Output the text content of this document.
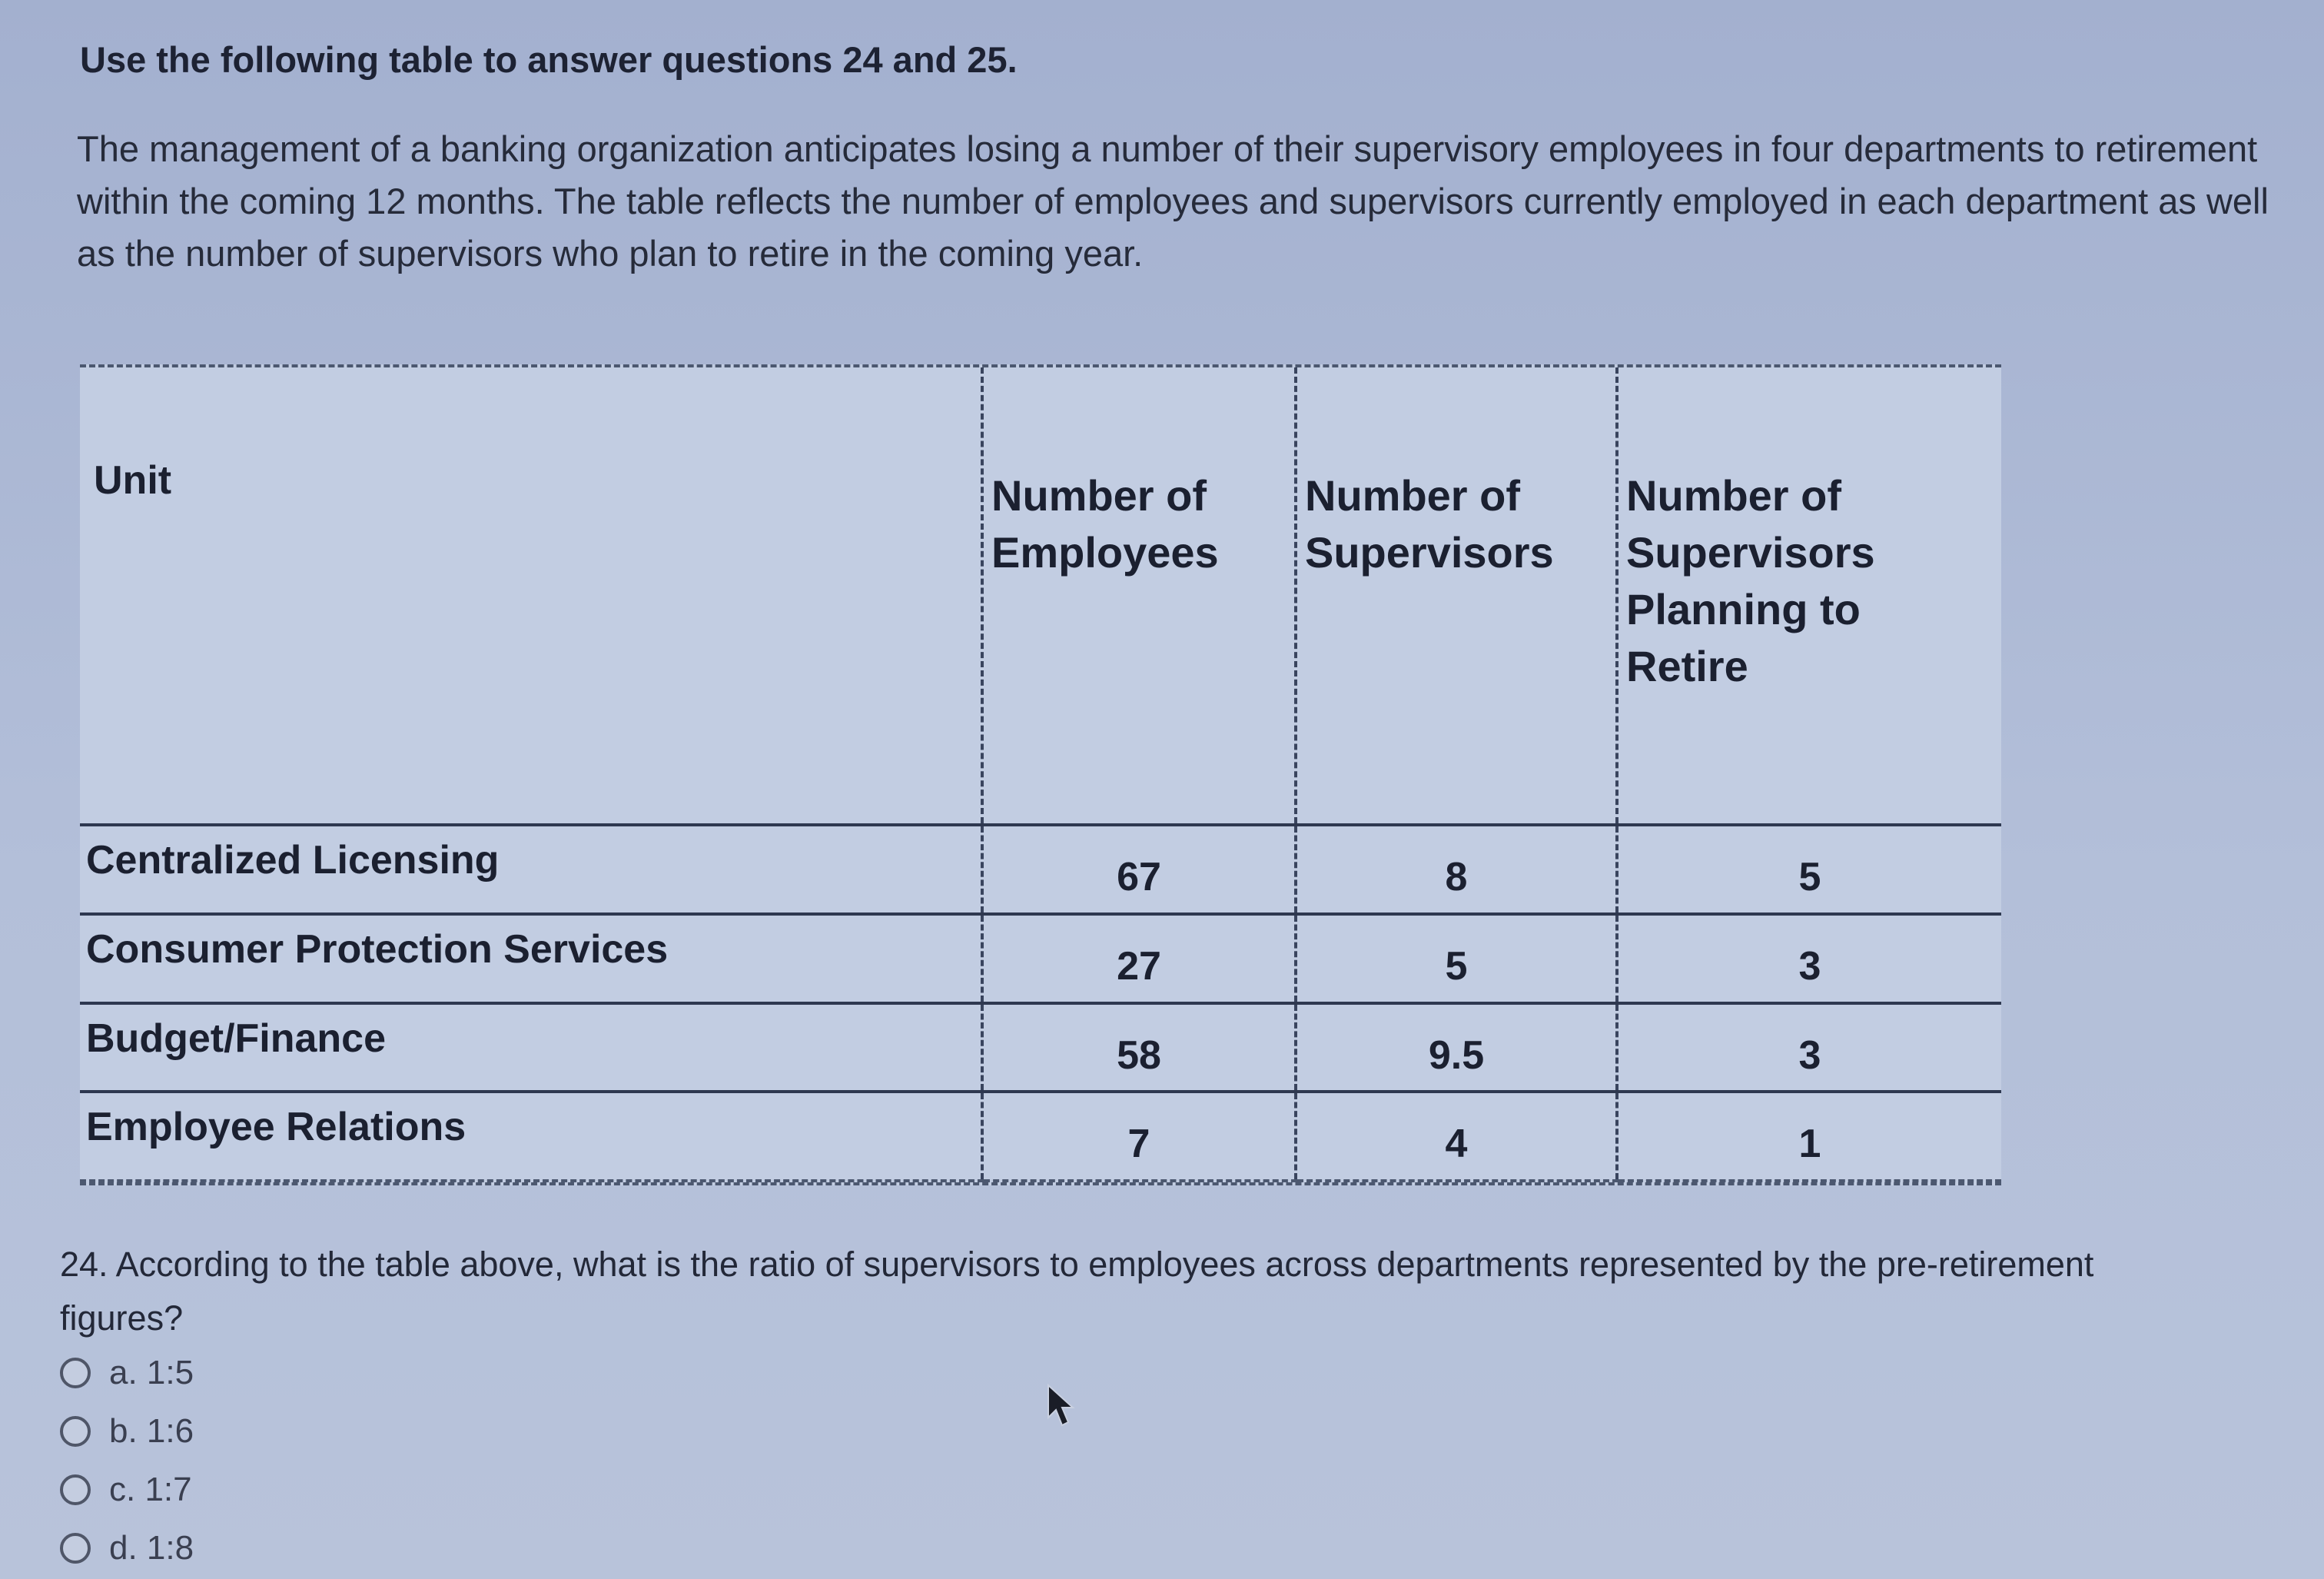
Use the following table to answer questions 24 and 25.
The management of a banking organization anticipates losing a number of their supervisory employees in four departments to retirement within the coming 12 months. The table reflects the number of employees and supervisors currently employed in each department as well as the number of supervisors who plan to retire in the coming year.
Unit	Number of Employees	Number of Supervisors	Number of Supervisors Planning to Retire
Centralized Licensing	67	8	5
Consumer Protection Services	27	5	3
Budget/Finance	58	9.5	3
Employee Relations	7	4	1
24. According to the table above, what is the ratio of supervisors to employees across departments represented by the pre-retirement figures?
a. 1:5
b. 1:6
c. 1:7
d. 1:8
